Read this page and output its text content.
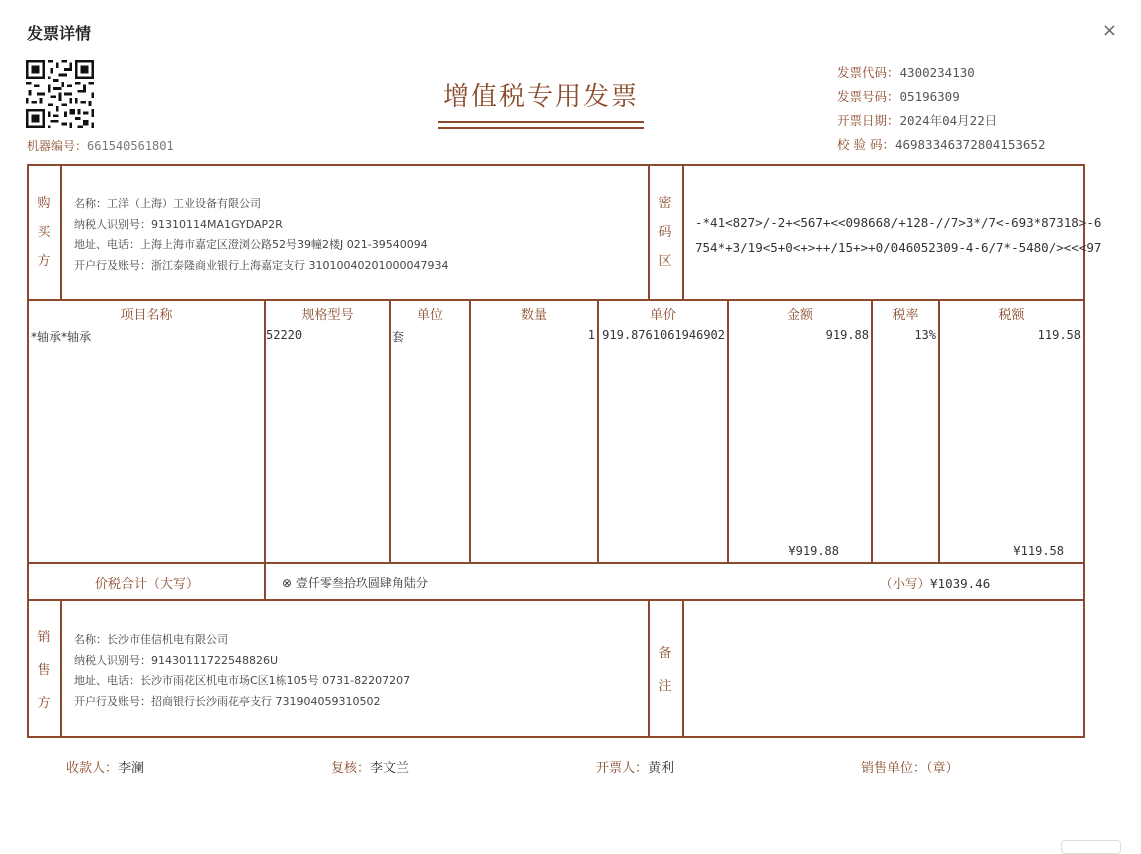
发票详情	×
机器编号：661540561801
增值税专用发票
发票代码：4300234130
发票号码：05196309
开票日期：2024年04月22日
校 验 码：46983346372804153652
购
买
方
名称：工洋（上海）工业设备有限公司
纳税人识别号：91310114MA1GYDAP2R
地址、电话：上海上海市嘉定区澄浏公路52号39幢2楼J 021-39540094
开户行及账号：浙江泰隆商业银行上海嘉定支行 31010040201000047934
密
码
区
-*41<827>/-2+<567+<<098668/+128-//7>3*/7<-693*87318>-6
754*+3/19<5+0<+>++/15+>+0/046052309-4-6/7*-5480/><<<97
项目名称	规格型号	单位	数量	单价	金额	税率	税额
*轴承*轴承	52220	套	1 919.8761061946902	919.88	13%	119.58
¥919.88	¥119.58
价税合计（大写）	⊗ 壹仟零叁拾玖圆肆角陆分	（小写）¥1039.46
销
售
方
名称：长沙市佳信机电有限公司
纳税人识别号：91430111722548826U
地址、电话：长沙市雨花区机电市场C区1栋105号 0731-82207207
开户行及账号：招商银行长沙雨花亭支行 731904059310502
备
注
收款人：李澜	复核：李文兰	开票人：黄利	销售单位：（章）
